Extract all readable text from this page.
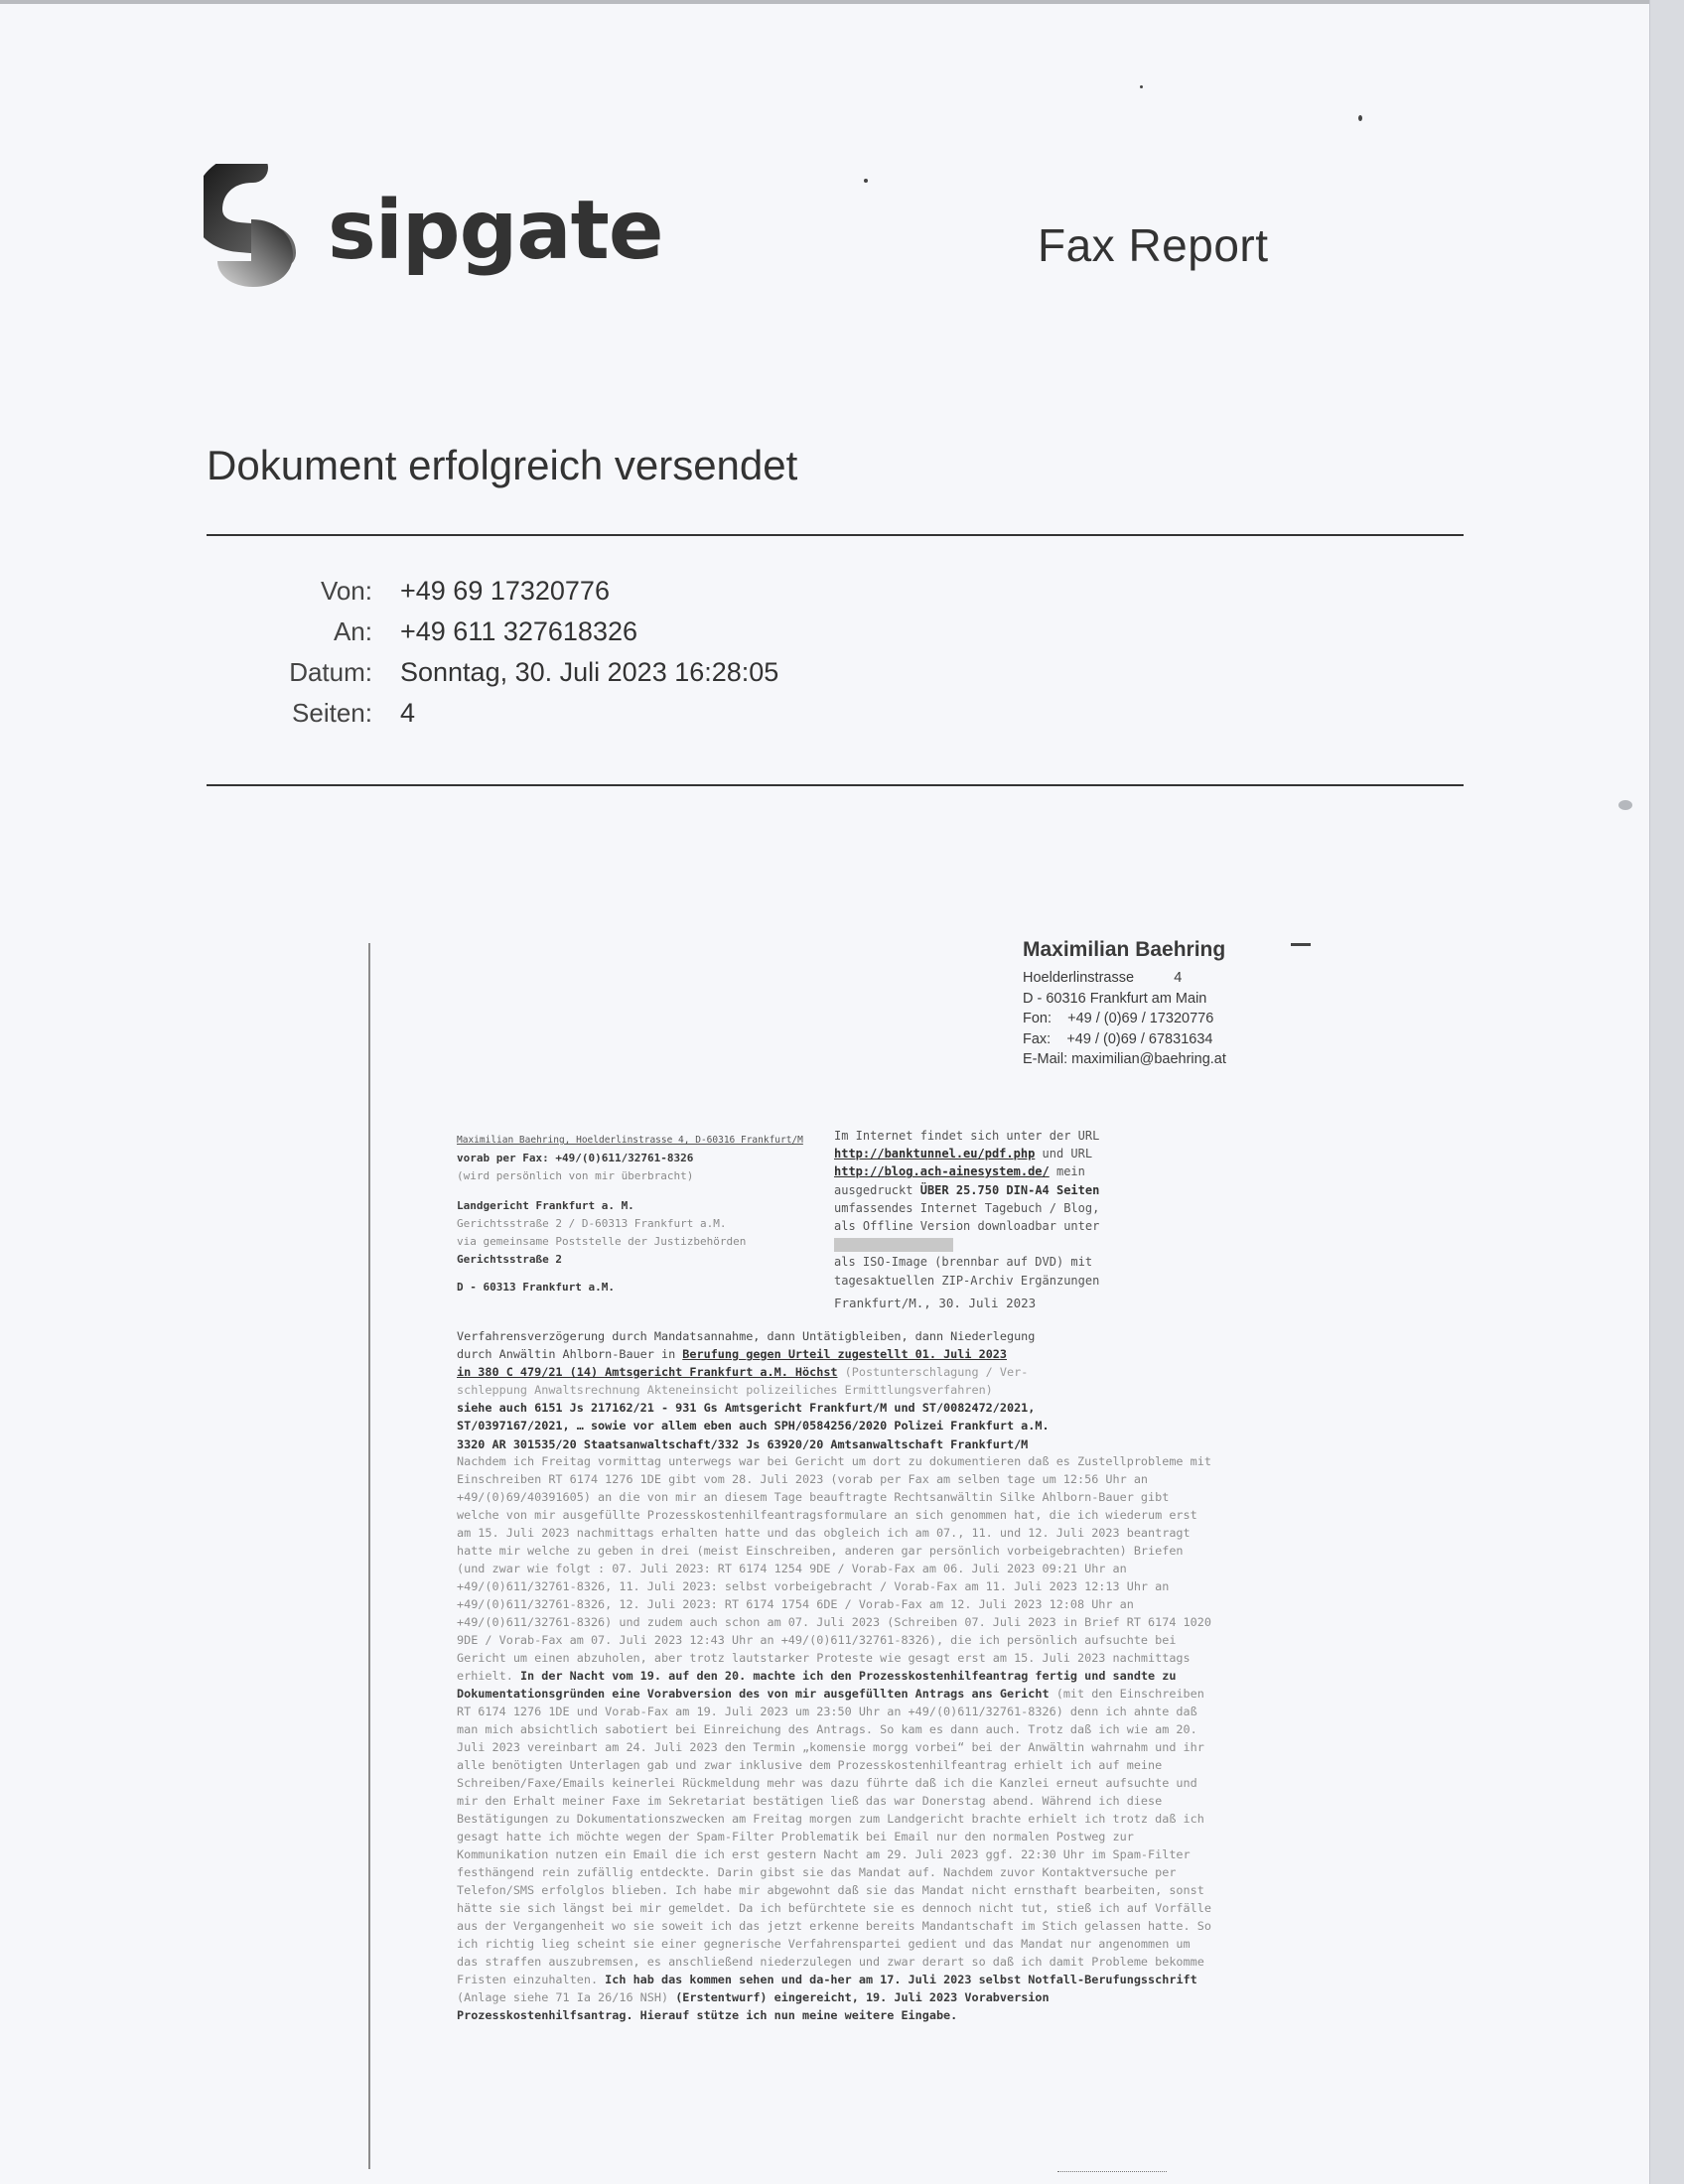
sipgate	Fax Report
Dokument erfolgreich versendet
Von: +49 69 17320776
An: +49 611 327618326
Datum: Sonntag, 30. Juli 2023 16:28:05
Seiten: 4
Maximilian Baehring
Hoelderlinstrasse          4
D - 60316 Frankfurt am Main
Fon:    +49 / (0)69 / 17320776
Fax:    +49 / (0)69 / 67831634
E-Mail: maximilian@baehring.at
Maximilian Baehring, Hoelderlinstrasse 4, D-60316 Frankfurt/M
vorab per Fax: +49/(0)611/32761-8326
(wird persönlich von mir überbracht)
Landgericht Frankfurt a. M.
Gerichtsstraße 2 / D-60313 Frankfurt a.M.
via gemeinsame Poststelle der Justizbehörden
Gerichtsstraße 2
D - 60313 Frankfurt a.M.
Im Internet findet sich unter der URL
http://banktunnel.eu/pdf.php und URL
http://blog.ach-ainesystem.de/ mein
ausgedruckt ÜBER 25.750 DIN-A4 Seiten
umfassendes Internet Tagebuch / Blog,
als Offline Version downloadbar unter
als ISO-Image (brennbar auf DVD) mit
tagesaktuellen ZIP-Archiv Ergänzungen
Frankfurt/M., 30. Juli 2023
Verfahrensverzögerung durch Mandatsannahme, dann Untätigbleiben, dann Niederlegung
durch Anwältin Ahlborn-Bauer in Berufung gegen Urteil zugestellt 01. Juli 2023
in 380 C 479/21 (14) Amtsgericht Frankfurt a.M. Höchst (Postunterschlagung / Ver-
schleppung Anwaltsrechnung Akteneinsicht polizeiliches Ermittlungsverfahren)
siehe auch 6151 Js 217162/21 - 931 Gs Amtsgericht Frankfurt/M und ST/0082472/2021,
ST/0397167/2021, … sowie vor allem eben auch SPH/0584256/2020 Polizei Frankfurt a.M.
3320 AR 301535/20 Staatsanwaltschaft/332 Js 63920/20 Amtsanwaltschaft Frankfurt/M
Nachdem ich Freitag vormittag unterwegs war bei Gericht um dort zu dokumentieren daß es Zustellprobleme mit Einschreiben RT 6174 1276 1DE gibt vom 28. Juli 2023 (vorab per Fax am selben tage um 12:56 Uhr an +49/(0)69/40391605) an die von mir an diesem Tage beauftragte Rechtsanwältin Silke Ahlborn-Bauer gibt welche von mir ausgefüllte Prozesskostenhilfeantragsformulare an sich genommen hat, die ich wiederum erst am 15. Juli 2023 nachmittags erhalten hatte und das obgleich ich am 07., 11. und 12. Juli 2023 beantragt hatte mir welche zu geben in drei (meist Einschreiben, anderen gar persönlich vorbeigebrachten) Briefen (und zwar wie folgt : 07. Juli 2023: RT 6174 1254 9DE / Vorab-Fax am 06. Juli 2023 09:21 Uhr an +49/(0)611/32761-8326, 11. Juli 2023: selbst vorbeigebracht / Vorab-Fax am 11. Juli 2023 12:13 Uhr an +49/(0)611/32761-8326, 12. Juli 2023: RT 6174 1754 6DE / Vorab-Fax am 12. Juli 2023 12:08 Uhr an +49/(0)611/32761-8326) und zudem auch schon am 07. Juli 2023 (Schreiben 07. Juli 2023 in Brief RT 6174 1020 9DE / Vorab-Fax am 07. Juli 2023 12:43 Uhr an +49/(0)611/32761-8326), die ich persönlich aufsuchte bei Gericht um einen abzuholen, aber trotz lautstarker Proteste wie gesagt erst am 15. Juli 2023 nachmittags erhielt. In der Nacht vom 19. auf den 20. machte ich den Prozesskostenhilfeantrag fertig und sandte zu Dokumentationsgründen eine Vorabversion des von mir ausgefüllten Antrags ans Gericht (mit den Einschreiben RT 6174 1276 1DE und Vorab-Fax am 19. Juli 2023 um 23:50 Uhr an +49/(0)611/32761-8326) denn ich ahnte daß man mich absichtlich sabotiert bei Einreichung des Antrags. So kam es dann auch. Trotz daß ich wie am 20. Juli 2023 vereinbart am 24. Juli 2023 den Termin „komensie morgg vorbei“ bei der Anwältin wahrnahm und ihr alle benötigten Unterlagen gab und zwar inklusive dem Prozesskostenhilfeantrag erhielt ich auf meine Schreiben/Faxe/Emails keinerlei Rückmeldung mehr was dazu führte daß ich die Kanzlei erneut aufsuchte und mir den Erhalt meiner Faxe im Sekretariat bestätigen ließ das war Donerstag abend. Während ich diese Bestätigungen zu Dokumentationszwecken am Freitag morgen zum Landgericht brachte erhielt ich trotz daß ich gesagt hatte ich möchte wegen der Spam-Filter Problematik bei Email nur den normalen Postweg zur Kommunikation nutzen ein Email die ich erst gestern Nacht am 29. Juli 2023 ggf. 22:30 Uhr im Spam-Filter festhängend rein zufällig entdeckte. Darin gibst sie das Mandat auf. Nachdem zuvor Kontaktversuche per Telefon/SMS erfolglos blieben. Ich habe mir abgewohnt daß sie das Mandat nicht ernsthaft bearbeiten, sonst hätte sie sich längst bei mir gemeldet. Da ich befürchtete sie es dennoch nicht tut, stieß ich auf Vorfälle aus der Vergangenheit wo sie soweit ich das jetzt erkenne bereits Mandantschaft im Stich gelassen hatte. So ich richtig lieg scheint sie einer gegnerische Verfahrenspartei gedient und das Mandat nur angenommen um das straffen auszubremsen, es anschließend niederzulegen und zwar derart so daß ich damit Probleme bekomme Fristen einzuhalten. Ich hab das kommen sehen und da-her am 17. Juli 2023 selbst Notfall-Berufungsschrift (Anlage siehe 71 Ia 26/16 NSH) (Erstentwurf) eingereicht, 19. Juli 2023 Vorabversion Prozesskostenhilfsantrag. Hierauf stütze ich nun meine weitere Eingabe.
